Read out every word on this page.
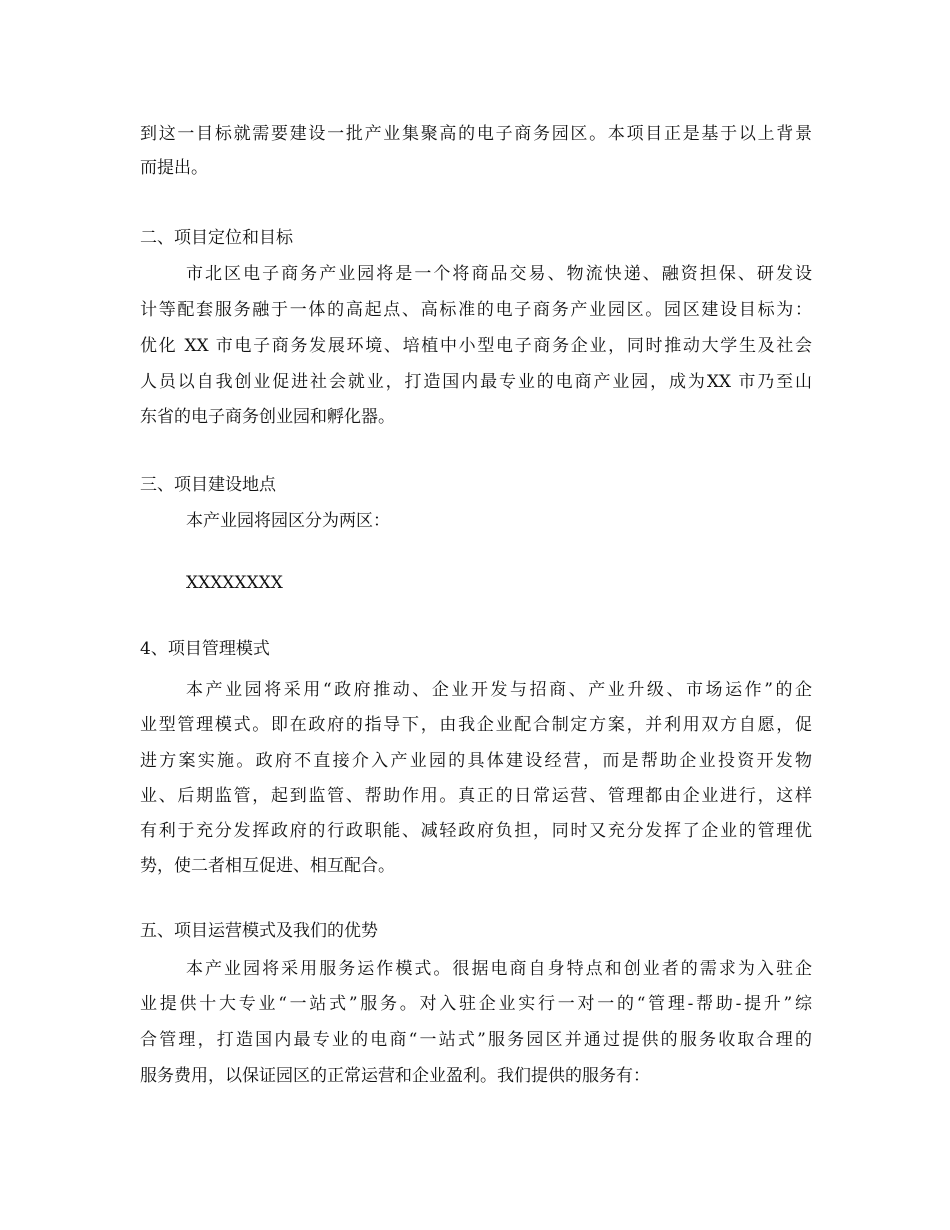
到这一目标就需要建设一批产业集聚高的电子商务园区。本项目正是基于以上背景

而提出。

二、项目定位和目标

市北区电子商务产业园将是一个将商品交易、物流快递、融资担保、研发设

计等配套服务融于一体的高起点、高标准的电子商务产业园区。园区建设目标为：

优化 XX 市电子商务发展环境、培植中小型电子商务企业，同时推动大学生及社会

人员以自我创业促进社会就业，打造国内最专业的电商产业园，成为XX 市乃至山

东省的电子商务创业园和孵化器。

三、项目建设地点

本产业园将园区分为两区：

XXXXXXXX

4、项目管理模式

本产业园将采用“政府推动、企业开发与招商、产业升级、市场运作”的企

业型管理模式。即在政府的指导下，由我企业配合制定方案，并利用双方自愿，促

进方案实施。政府不直接介入产业园的具体建设经营，而是帮助企业投资开发物

业、后期监管，起到监管、帮助作用。真正的日常运营、管理都由企业进行，这样

有利于充分发挥政府的行政职能、减轻政府负担，同时又充分发挥了企业的管理优

势，使二者相互促进、相互配合。

五、项目运营模式及我们的优势

本产业园将采用服务运作模式。很据电商自身特点和创业者的需求为入驻企

业提供十大专业“一站式”服务。对入驻企业实行一对一的“管理-帮助-提升”综

合管理，打造国内最专业的电商“一站式”服务园区并通过提供的服务收取合理的

服务费用，以保证园区的正常运营和企业盈利。我们提供的服务有：
